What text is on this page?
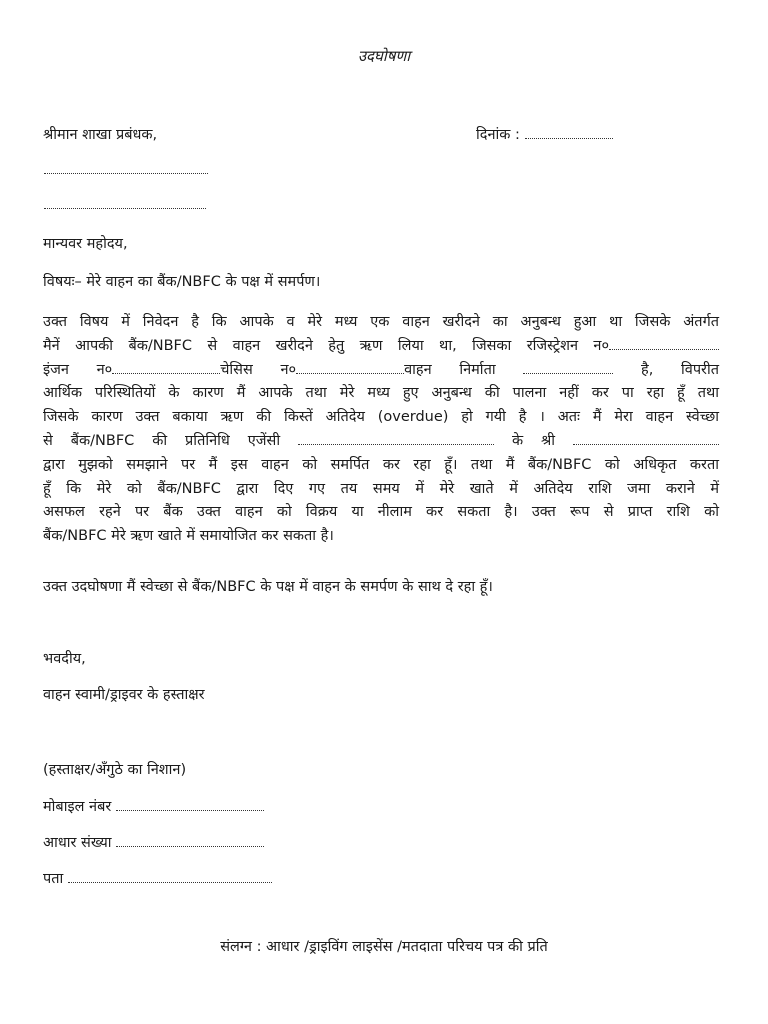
उदघोषणा
श्रीमान शाखा प्रबंधक,	दिनांक :
मान्यवर महोदय,
विषयः– मेरे वाहन का बैंक/NBFC के पक्ष में समर्पण।
उक्त विषय में निवेदन है कि आपके व मेरे मध्य एक वाहन खरीदने का अनुबन्ध हुआ था जिसके अंतर्गत
मैनें आपकी बैंक/NBFC से वाहन खरीदने हेतु ऋण लिया था, जिसका रजिस्ट्रेशन न०
इंजन न०	चेसिस न०	वाहन निर्माता	है, विपरीत
आर्थिक परिस्थितियों के कारण मैं आपके तथा मेरे मध्य हुए अनुबन्ध की पालना नहीं कर पा रहा हूँ तथा
जिसके कारण उक्त बकाया ऋण की किस्तें अतिदेय (overdue) हो गयी है । अतः मैं मेरा वाहन स्वेच्छा
से बैंक/NBFC की प्रतिनिधि एजेंसी	के श्री
द्वारा मुझको समझाने पर मैं इस वाहन को समर्पित कर रहा हूँ। तथा मैं बैंक/NBFC को अधिकृत करता
हूँ कि मेरे को बैंक/NBFC द्वारा दिए गए तय समय में मेरे खाते में अतिदेय राशि जमा कराने में
असफल रहने पर बैंक उक्त वाहन को विक्रय या नीलाम कर सकता है। उक्त रूप से प्राप्त राशि को
बैंक/NBFC मेरे ऋण खाते में समायोजित कर सकता है।
उक्त उदघोषणा मैं स्वेच्छा से बैंक/NBFC के पक्ष में वाहन के समर्पण के साथ दे रहा हूँ।
भवदीय,
वाहन स्वामी/ड्राइवर के हस्ताक्षर
(हस्ताक्षर/अँगुठे का निशान)
मोबाइल नंबर
आधार संख्या
पता
संलग्न : आधार /ड्राइविंग लाइसेंस /मतदाता परिचय पत्र की प्रति
